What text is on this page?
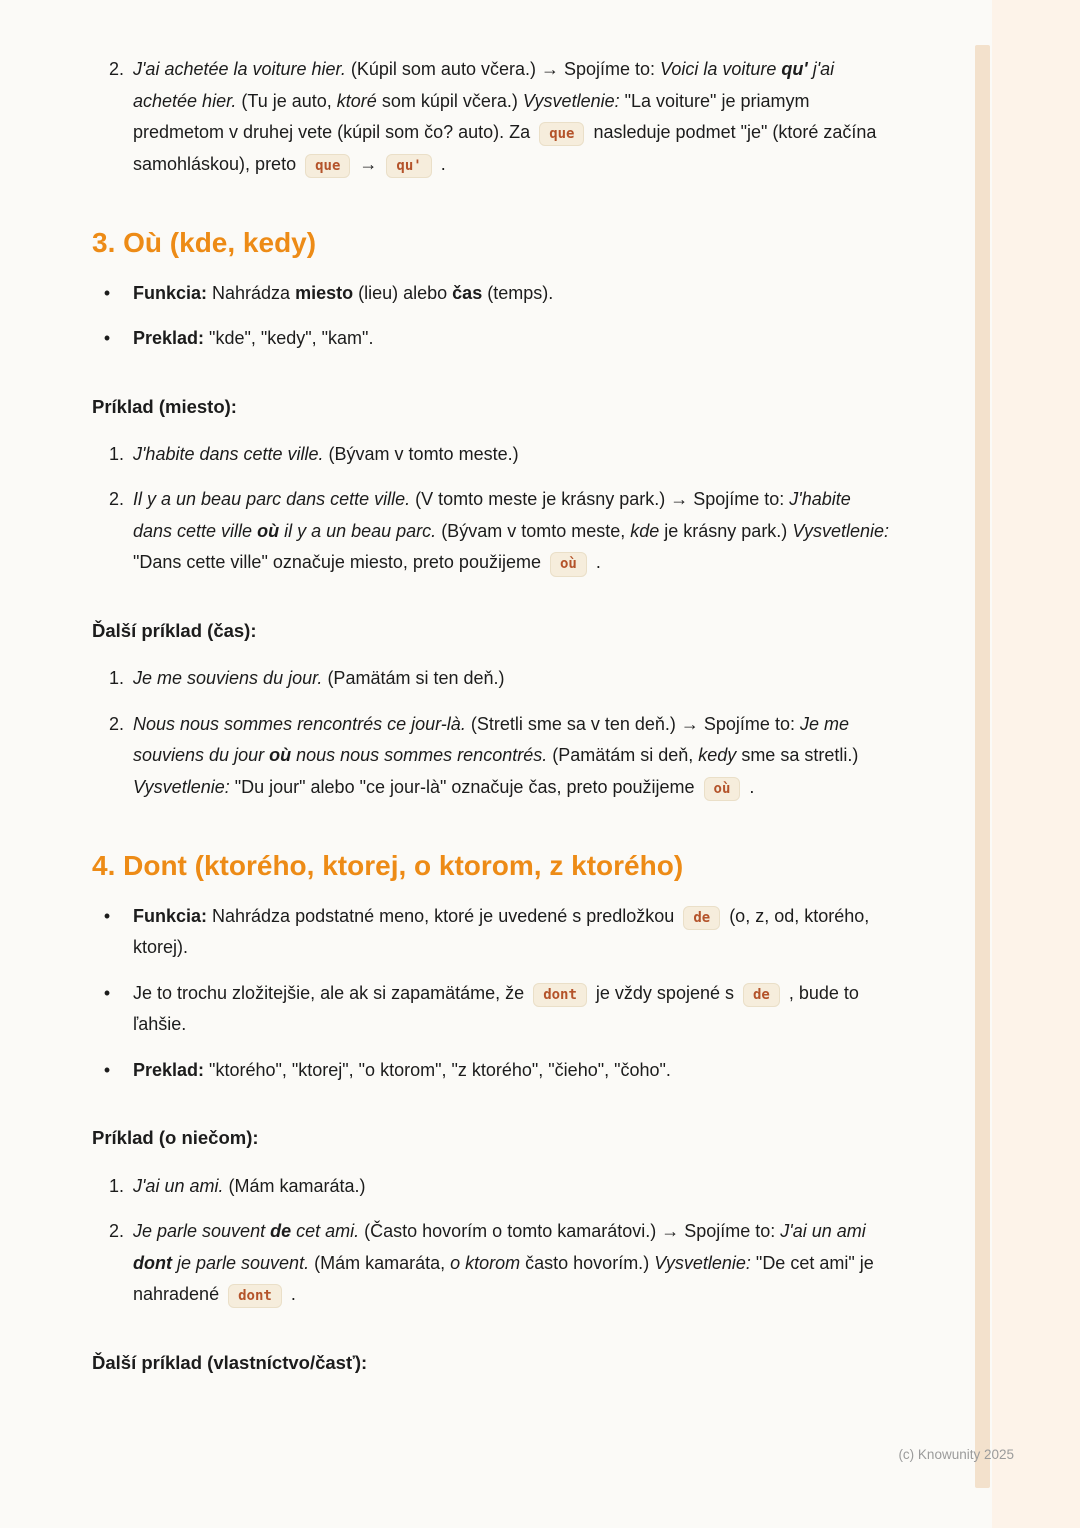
2. J'ai achetée la voiture hier. (Kúpil som auto včera.) → Spojíme to: Voici la voiture qu' j'ai achetée hier. (Tu je auto, ktoré som kúpil včera.) Vysvetlenie: "La voiture" je priamym predmetom v druhej vete (kúpil som čo? auto). Za que nasleduje podmet "je" (ktoré začína samohláskou), preto que → qu' .
3. Où (kde, kedy)
• Funkcia: Nahrádza miesto (lieu) alebo čas (temps).
• Preklad: "kde", "kedy", "kam".
Príklad (miesto):
1. J'habite dans cette ville. (Bývam v tomto meste.)
2. Il y a un beau parc dans cette ville. (V tomto meste je krásny park.) → Spojíme to: J'habite dans cette ville où il y a un beau parc. (Bývam v tomto meste, kde je krásny park.) Vysvetlenie: "Dans cette ville" označuje miesto, preto použijeme où .
Ďalší príklad (čas):
1. Je me souviens du jour. (Pamätám si ten deň.)
2. Nous nous sommes rencontrés ce jour-là. (Stretli sme sa v ten deň.) → Spojíme to: Je me souviens du jour où nous nous sommes rencontrés. (Pamätám si deň, kedy sme sa stretli.) Vysvetlenie: "Du jour" alebo "ce jour-là" označuje čas, preto použijeme où .
4. Dont (ktorého, ktorej, o ktorom, z ktorého)
• Funkcia: Nahrádza podstatné meno, ktoré je uvedené s predložkou de (o, z, od, ktorého, ktorej).
• Je to trochu zložitejšie, ale ak si zapamätáme, že dont je vždy spojené s de , bude to ľahšie.
• Preklad: "ktorého", "ktorej", "o ktorom", "z ktorého", "čieho", "čoho".
Príklad (o niečom):
1. J'ai un ami. (Mám kamaráta.)
2. Je parle souvent de cet ami. (Často hovorím o tomto kamarátovi.) → Spojíme to: J'ai un ami dont je parle souvent. (Mám kamaráta, o ktorom často hovorím.) Vysvetlenie: "De cet ami" je nahradené dont .
Ďalší príklad (vlastníctvo/časť):
(c) Knowunity 2025
